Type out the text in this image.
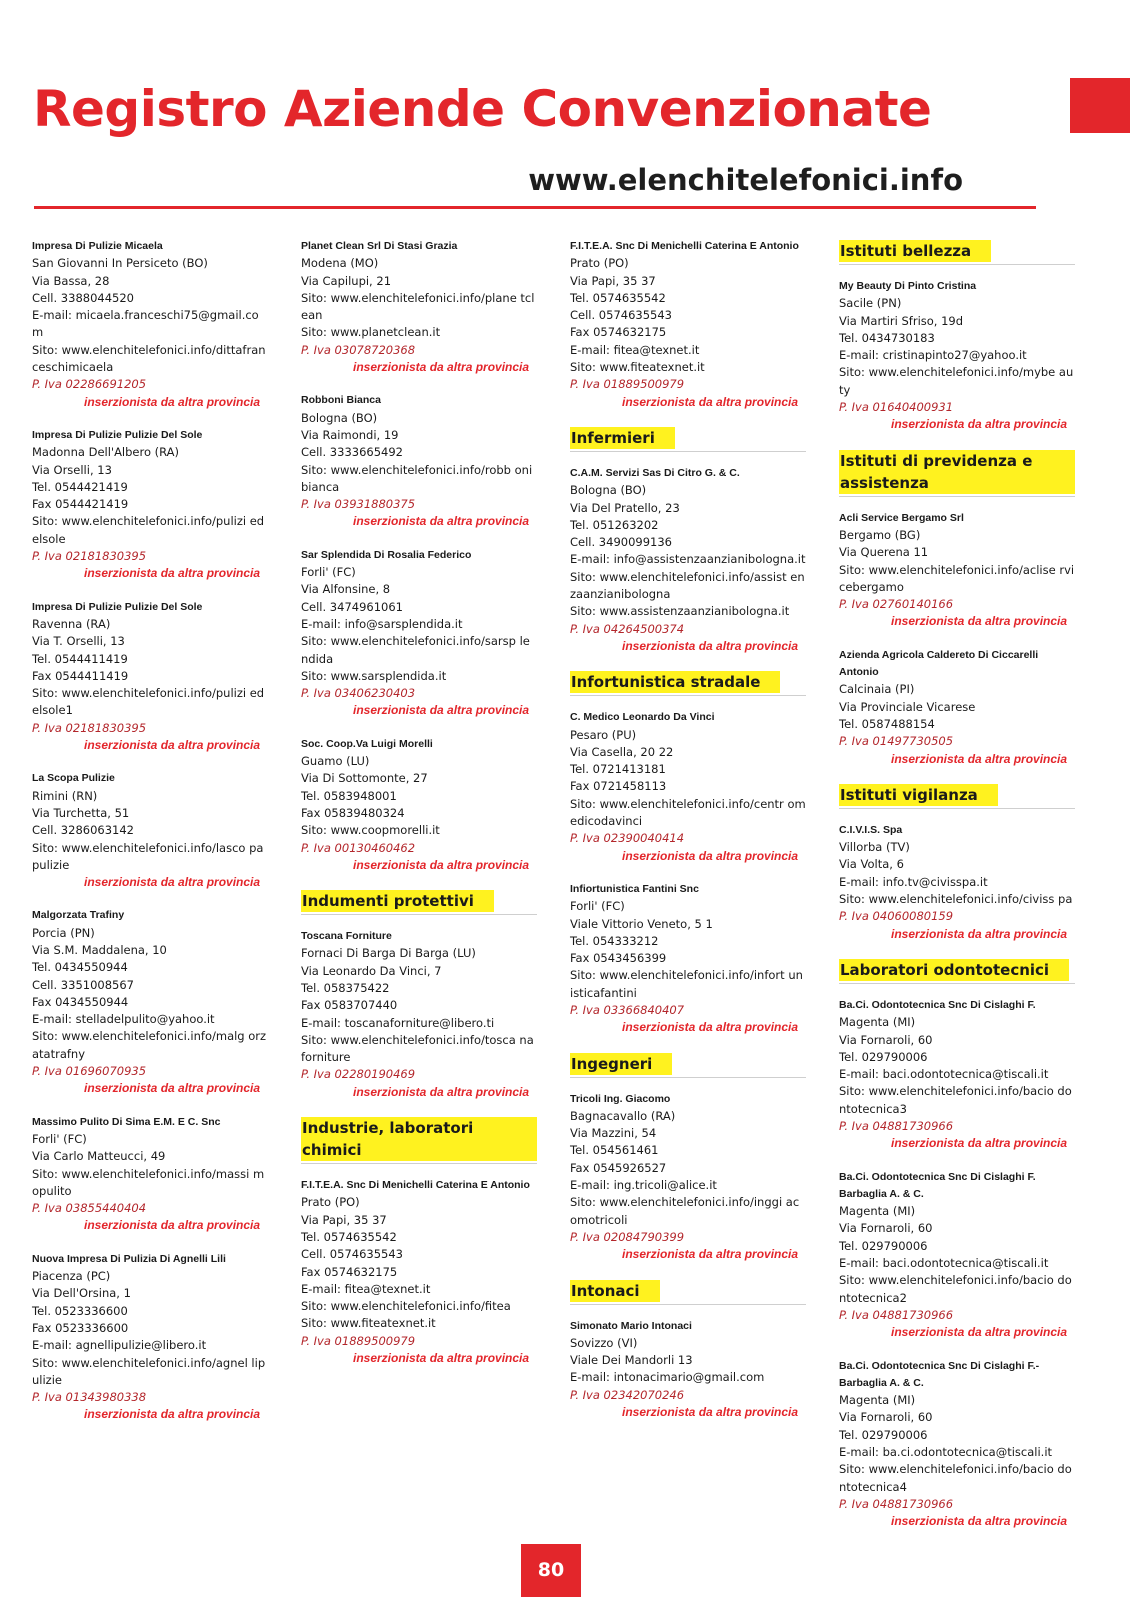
Registro Aziende Convenzionate
www.elenchitelefonici.info
Impresa Di Pulizie Micaela
San Giovanni In Persiceto (BO)
Via Bassa, 28
Cell. 3388044520
E-mail: micaela.franceschi75@gmail.com
Sito: www.elenchitelefonici.info/dittafranceschimicaela
P. Iva 02286691205
inserzionista da altra provincia
Impresa Di Pulizie Pulizie Del Sole
Madonna Dell'Albero (RA)
Via Orselli, 13
Tel. 0544421419
Fax 0544421419
Sito: www.elenchitelefonici.info/pulizi edelsole
P. Iva 02181830395
inserzionista da altra provincia
Impresa Di Pulizie Pulizie Del Sole
Ravenna (RA)
Via T. Orselli, 13
Tel. 0544411419
Fax 0544411419
Sito: www.elenchitelefonici.info/pulizi edelsole1
P. Iva 02181830395
inserzionista da altra provincia
La Scopa Pulizie
Rimini (RN)
Via Turchetta, 51
Cell. 3286063142
Sito: www.elenchitelefonici.info/lasco papulizie
inserzionista da altra provincia
Malgorzata Trafiny
Porcia (PN)
Via S.M. Maddalena, 10
Tel. 0434550944
Cell. 3351008567
Fax 0434550944
E-mail: stelladelpulito@yahoo.it
Sito: www.elenchitelefonici.info/malg orzatatrafny
P. Iva 01696070935
inserzionista da altra provincia
Massimo Pulito Di Sima E.M. E C. Snc
Forli' (FC)
Via Carlo Matteucci, 49
Sito: www.elenchitelefonici.info/massi mopulito
P. Iva 03855440404
inserzionista da altra provincia
Nuova Impresa Di Pulizia Di Agnelli Lili
Piacenza (PC)
Via Dell'Orsina, 1
Tel. 0523336600
Fax 0523336600
E-mail: agnellipulizie@libero.it
Sito: www.elenchitelefonici.info/agnel lipulizie
P. Iva 01343980338
inserzionista da altra provincia
Planet Clean Srl Di Stasi Grazia
Modena (MO)
Via Capilupi, 21
Sito: www.elenchitelefonici.info/plane tclean
Sito: www.planetclean.it
P. Iva 03078720368
inserzionista da altra provincia
Robboni Bianca
Bologna (BO)
Via Raimondi, 19
Cell. 3333665492
Sito: www.elenchitelefonici.info/robb onibianca
P. Iva 03931880375
inserzionista da altra provincia
Sar Splendida Di Rosalia Federico
Forli' (FC)
Via Alfonsine, 8
Cell. 3474961061
E-mail: info@sarsplendida.it
Sito: www.elenchitelefonici.info/sarsp lendida
Sito: www.sarsplendida.it
P. Iva 03406230403
inserzionista da altra provincia
Soc. Coop.Va Luigi Morelli
Guamo (LU)
Via Di Sottomonte, 27
Tel. 0583948001
Fax 05839480324
Sito: www.coopmorelli.it
P. Iva 00130460462
inserzionista da altra provincia
Indumenti protettivi
Toscana Forniture
Fornaci Di Barga Di Barga (LU)
Via Leonardo Da Vinci, 7
Tel. 058375422
Fax 0583707440
E-mail: toscanaforniture@libero.ti
Sito: www.elenchitelefonici.info/tosca naforniture
P. Iva 02280190469
inserzionista da altra provincia
Industrie, laboratori chimici
F.I.T.E.A. Snc Di Menichelli Caterina E Antonio
Prato (PO)
Via Papi, 35 37
Tel. 0574635542
Cell. 0574635543
Fax 0574632175
E-mail: fitea@texnet.it
Sito: www.elenchitelefonici.info/fitea
Sito: www.fiteatexnet.it
P. Iva 01889500979
inserzionista da altra provincia
F.I.T.E.A. Snc Di Menichelli Caterina E Antonio
Prato (PO)
Via Papi, 35 37
Tel. 0574635542
Cell. 0574635543
Fax 0574632175
E-mail: fitea@texnet.it
Sito: www.fiteatexnet.it
P. Iva 01889500979
inserzionista da altra provincia
Infermieri
C.A.M. Servizi Sas Di Citro G. & C.
Bologna (BO)
Via Del Pratello, 23
Tel. 051263202
Cell. 3490099136
E-mail: info@assistenzaanzianibologna.it
Sito: www.elenchitelefonici.info/assist enzaanzianibologna
Sito: www.assistenzaanzianibologna.it
P. Iva 04264500374
inserzionista da altra provincia
Infortunistica stradale
C. Medico Leonardo Da Vinci
Pesaro (PU)
Via Casella, 20 22
Tel. 0721413181
Fax 0721458113
Sito: www.elenchitelefonici.info/centr omedicodavinci
P. Iva 02390040414
inserzionista da altra provincia
Infiortunistica Fantini Snc
Forli' (FC)
Viale Vittorio Veneto, 5 1
Tel. 054333212
Fax 0543456399
Sito: www.elenchitelefonici.info/infort unisticafantini
P. Iva 03366840407
inserzionista da altra provincia
Ingegneri
Tricoli Ing. Giacomo
Bagnacavallo (RA)
Via Mazzini, 54
Tel. 054561461
Fax 0545926527
E-mail: ing.tricoli@alice.it
Sito: www.elenchitelefonici.info/inggi acomotricoli
P. Iva 02084790399
inserzionista da altra provincia
Intonaci
Simonato Mario Intonaci
Sovizzo (VI)
Viale Dei Mandorli 13
E-mail: intonacimario@gmail.com
P. Iva 02342070246
inserzionista da altra provincia
Istituti bellezza
My Beauty Di Pinto Cristina
Sacile (PN)
Via Martiri Sfriso, 19d
Tel. 0434730183
E-mail: cristinapinto27@yahoo.it
Sito: www.elenchitelefonici.info/mybe auty
P. Iva 01640400931
inserzionista da altra provincia
Istituti di previdenza e assistenza
Acli Service Bergamo Srl
Bergamo (BG)
Via Querena 11
Sito: www.elenchitelefonici.info/aclise rvicebergamo
P. Iva 02760140166
inserzionista da altra provincia
Azienda Agricola Caldereto Di Ciccarelli Antonio
Calcinaia (PI)
Via Provinciale Vicarese
Tel. 0587488154
P. Iva 01497730505
inserzionista da altra provincia
Istituti vigilanza
C.I.V.I.S. Spa
Villorba (TV)
Via Volta, 6
E-mail: info.tv@civisspa.it
Sito: www.elenchitelefonici.info/civiss pa
P. Iva 04060080159
inserzionista da altra provincia
Laboratori odontotecnici
Ba.Ci. Odontotecnica Snc Di Cislaghi F.
Magenta (MI)
Via Fornaroli, 60
Tel. 029790006
E-mail: baci.odontotecnica@tiscali.it
Sito: www.elenchitelefonici.info/bacio dontotecnica3
P. Iva 04881730966
inserzionista da altra provincia
Ba.Ci. Odontotecnica Snc Di Cislaghi F. Barbaglia A. & C.
Magenta (MI)
Via Fornaroli, 60
Tel. 029790006
E-mail: baci.odontotecnica@tiscali.it
Sito: www.elenchitelefonici.info/bacio dontotecnica2
P. Iva 04881730966
inserzionista da altra provincia
Ba.Ci. Odontotecnica Snc Di Cislaghi F.- Barbaglia A. & C.
Magenta (MI)
Via Fornaroli, 60
Tel. 029790006
E-mail: ba.ci.odontotecnica@tiscali.it
Sito: www.elenchitelefonici.info/bacio dontotecnica4
P. Iva 04881730966
inserzionista da altra provincia
80
